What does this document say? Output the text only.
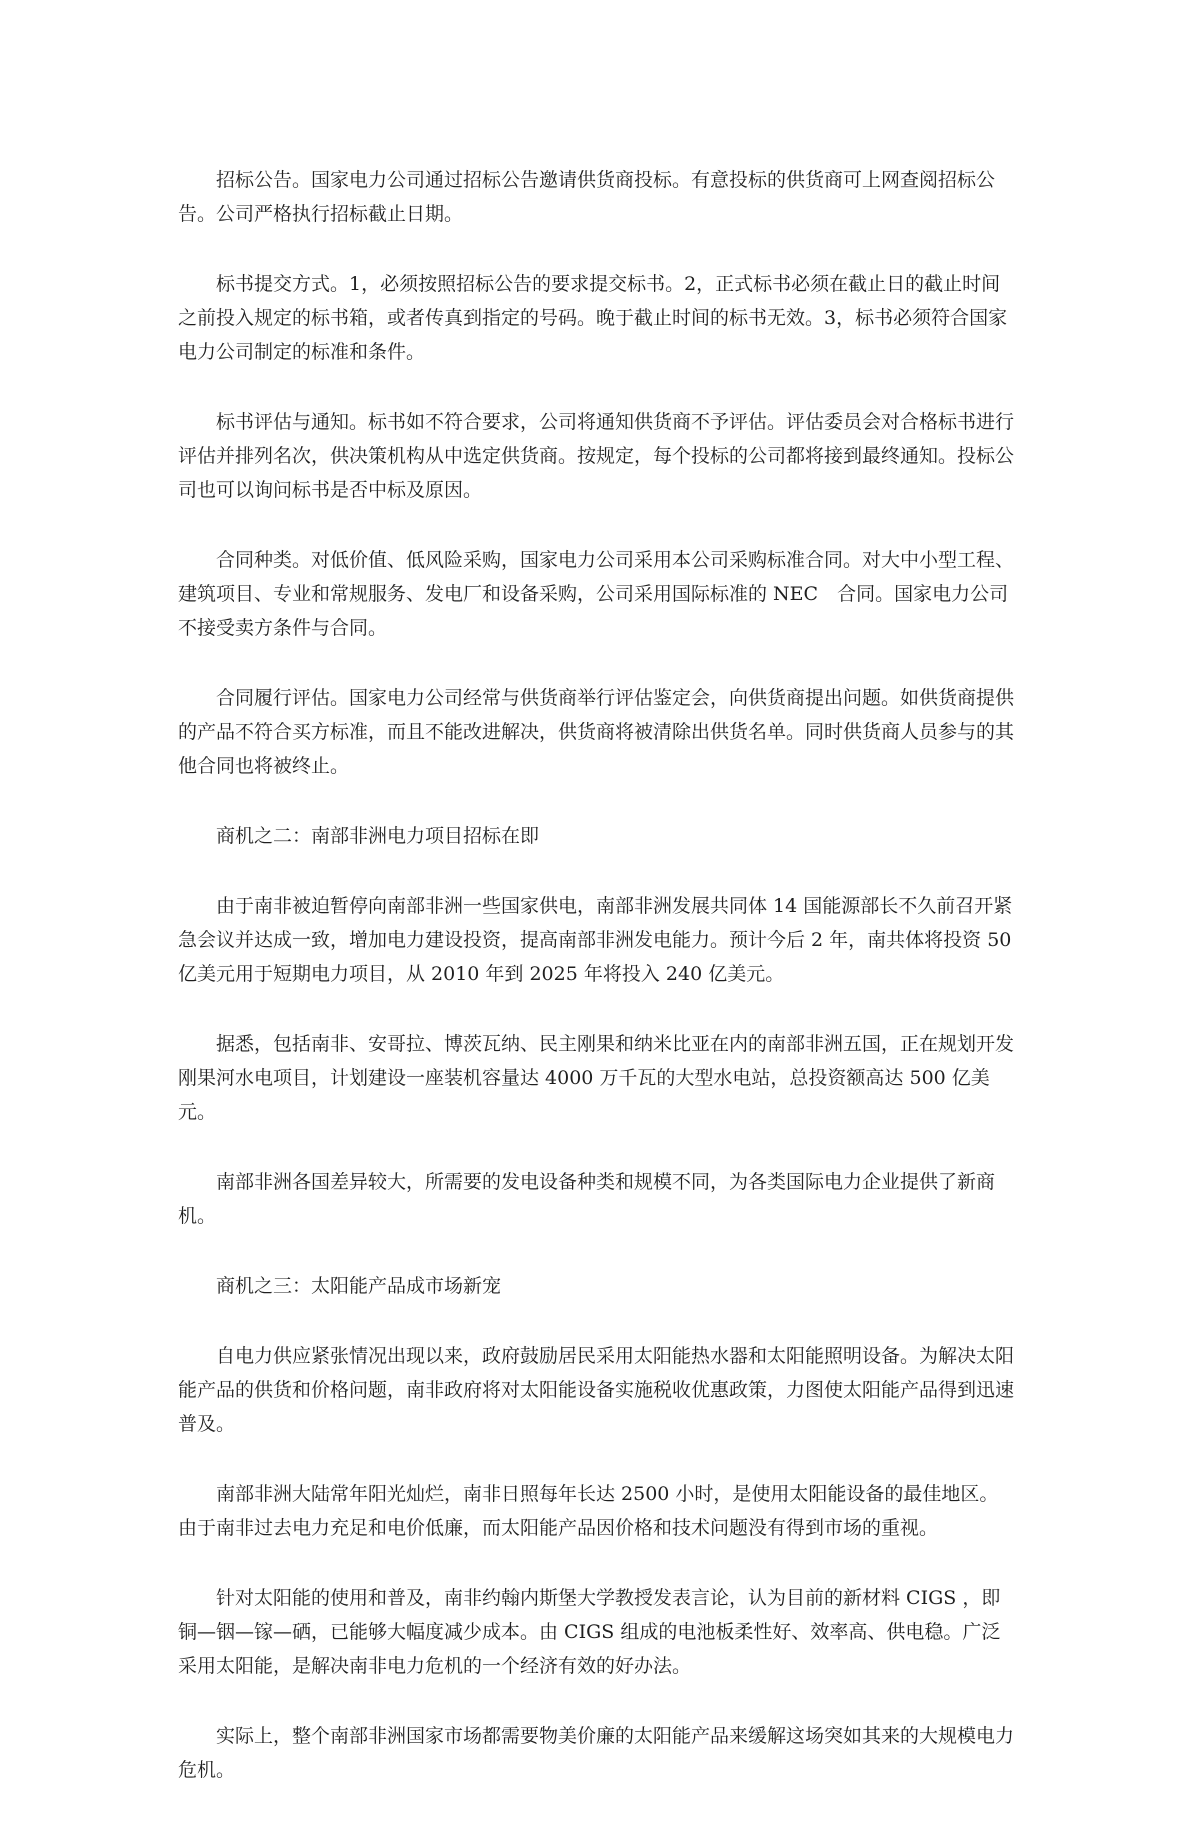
招标公告。国家电力公司通过招标公告邀请供货商投标。有意投标的供货商可上网查阅招标公告。公司严格执行招标截止日期。

标书提交方式。1，必须按照招标公告的要求提交标书。2，正式标书必须在截止日的截止时间之前投入规定的标书箱，或者传真到指定的号码。晚于截止时间的标书无效。3，标书必须符合国家电力公司制定的标准和条件。

标书评估与通知。标书如不符合要求，公司将通知供货商不予评估。评估委员会对合格标书进行评估并排列名次，供决策机构从中选定供货商。按规定，每个投标的公司都将接到最终通知。投标公司也可以询问标书是否中标及原因。

合同种类。对低价值、低风险采购，国家电力公司采用本公司采购标准合同。对大中小型工程、建筑项目、专业和常规服务、发电厂和设备采购，公司采用国际标准的 NEC　合同。国家电力公司不接受卖方条件与合同。

合同履行评估。国家电力公司经常与供货商举行评估鉴定会，向供货商提出问题。如供货商提供的产品不符合买方标准，而且不能改进解决，供货商将被清除出供货名单。同时供货商人员参与的其他合同也将被终止。

商机之二：南部非洲电力项目招标在即

由于南非被迫暂停向南部非洲一些国家供电，南部非洲发展共同体 14 国能源部长不久前召开紧急会议并达成一致，增加电力建设投资，提高南部非洲发电能力。预计今后 2 年，南共体将投资 50 亿美元用于短期电力项目，从 2010 年到 2025 年将投入 240 亿美元。

据悉，包括南非、安哥拉、博茨瓦纳、民主刚果和纳米比亚在内的南部非洲五国，正在规划开发刚果河水电项目，计划建设一座装机容量达 4000 万千瓦的大型水电站，总投资额高达 500 亿美元。

南部非洲各国差异较大，所需要的发电设备种类和规模不同，为各类国际电力企业提供了新商机。

商机之三：太阳能产品成市场新宠

自电力供应紧张情况出现以来，政府鼓励居民采用太阳能热水器和太阳能照明设备。为解决太阳能产品的供货和价格问题，南非政府将对太阳能设备实施税收优惠政策，力图使太阳能产品得到迅速普及。

南部非洲大陆常年阳光灿烂，南非日照每年长达 2500 小时，是使用太阳能设备的最佳地区。由于南非过去电力充足和电价低廉，而太阳能产品因价格和技术问题没有得到市场的重视。

针对太阳能的使用和普及，南非约翰内斯堡大学教授发表言论，认为目前的新材料 CIGS ，即铜—铟—镓—硒，已能够大幅度减少成本。由 CIGS 组成的电池板柔性好、效率高、供电稳。广泛采用太阳能，是解决南非电力危机的一个经济有效的好办法。

实际上，整个南部非洲国家市场都需要物美价廉的太阳能产品来缓解这场突如其来的大规模电力危机。
